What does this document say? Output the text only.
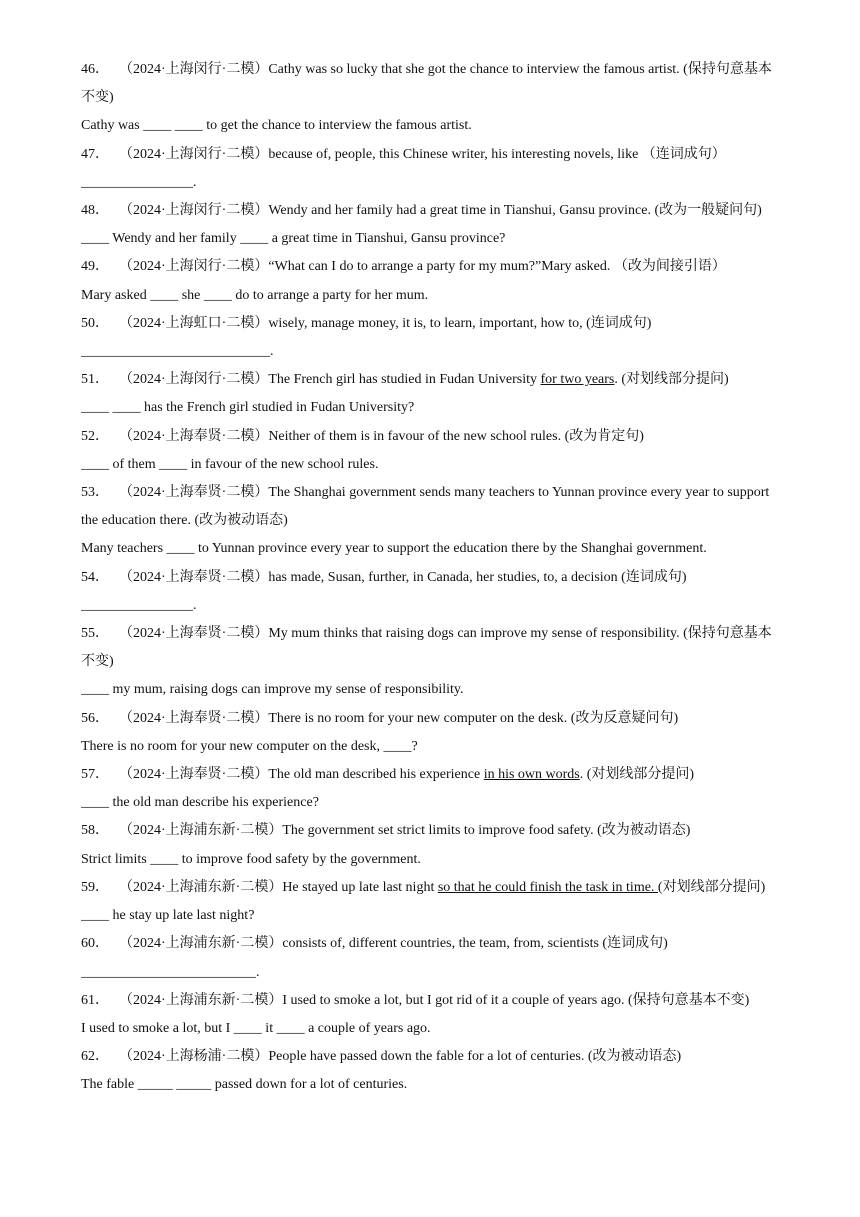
46． （2024·上海闵行·二模）Cathy was so lucky that she got the chance to interview the famous artist. (保持句意基本不变)
Cathy was ____ ____ to get the chance to interview the famous artist.
47． （2024·上海闵行·二模）because of, people, this Chinese writer, his interesting novels, like （连词成句）
________________.
48． （2024·上海闵行·二模）Wendy and her family had a great time in Tianshui, Gansu province. (改为一般疑问句)
____ Wendy and her family ____ a great time in Tianshui, Gansu province?
49． （2024·上海闵行·二模）“What can I do to arrange a party for my mum?”Mary asked. （改为间接引语）
Mary asked ____ she ____ do to arrange a party for her mum.
50． （2024·上海虹口·二模）wisely, manage money, it is, to learn, important, how to, (连词成句)
___________________________.
51． （2024·上海闵行·二模）The French girl has studied in Fudan University for two years. (对划线部分提问)
____ ____ has the French girl studied in Fudan University?
52． （2024·上海奉贤·二模）Neither of them is in favour of the new school rules. (改为肯定句)
____ of them ____ in favour of the new school rules.
53． （2024·上海奉贤·二模）The Shanghai government sends many teachers to Yunnan province every year to support the education there. (改为被动语态)
Many teachers ____ to Yunnan province every year to support the education there by the Shanghai government.
54． （2024·上海奉贤·二模）has made, Susan, further, in Canada, her studies, to, a decision (连词成句)
________________.
55． （2024·上海奉贤·二模）My mum thinks that raising dogs can improve my sense of responsibility. (保持句意基本不变)
____ my mum, raising dogs can improve my sense of responsibility.
56． （2024·上海奉贤·二模）There is no room for your new computer on the desk. (改为反意疑问句)
There is no room for your new computer on the desk, ____?
57． （2024·上海奉贤·二模）The old man described his experience in his own words. (对划线部分提问)
____ the old man describe his experience?
58． （2024·上海浦东新·二模）The government set strict limits to improve food safety. (改为被动语态)
Strict limits ____ to improve food safety by the government.
59． （2024·上海浦东新·二模）He stayed up late last night so that he could finish the task in time. (对划线部分提问)
____ he stay up late last night?
60． （2024·上海浦东新·二模）consists of, different countries, the team, from, scientists (连词成句)
_________________________.
61． （2024·上海浦东新·二模）I used to smoke a lot, but I got rid of it a couple of years ago. (保持句意基本不变)
I used to smoke a lot, but I ____ it ____ a couple of years ago.
62． （2024·上海杨浦·二模）People have passed down the fable for a lot of centuries. (改为被动语态)
The fable _____ _____ passed down for a lot of centuries.
